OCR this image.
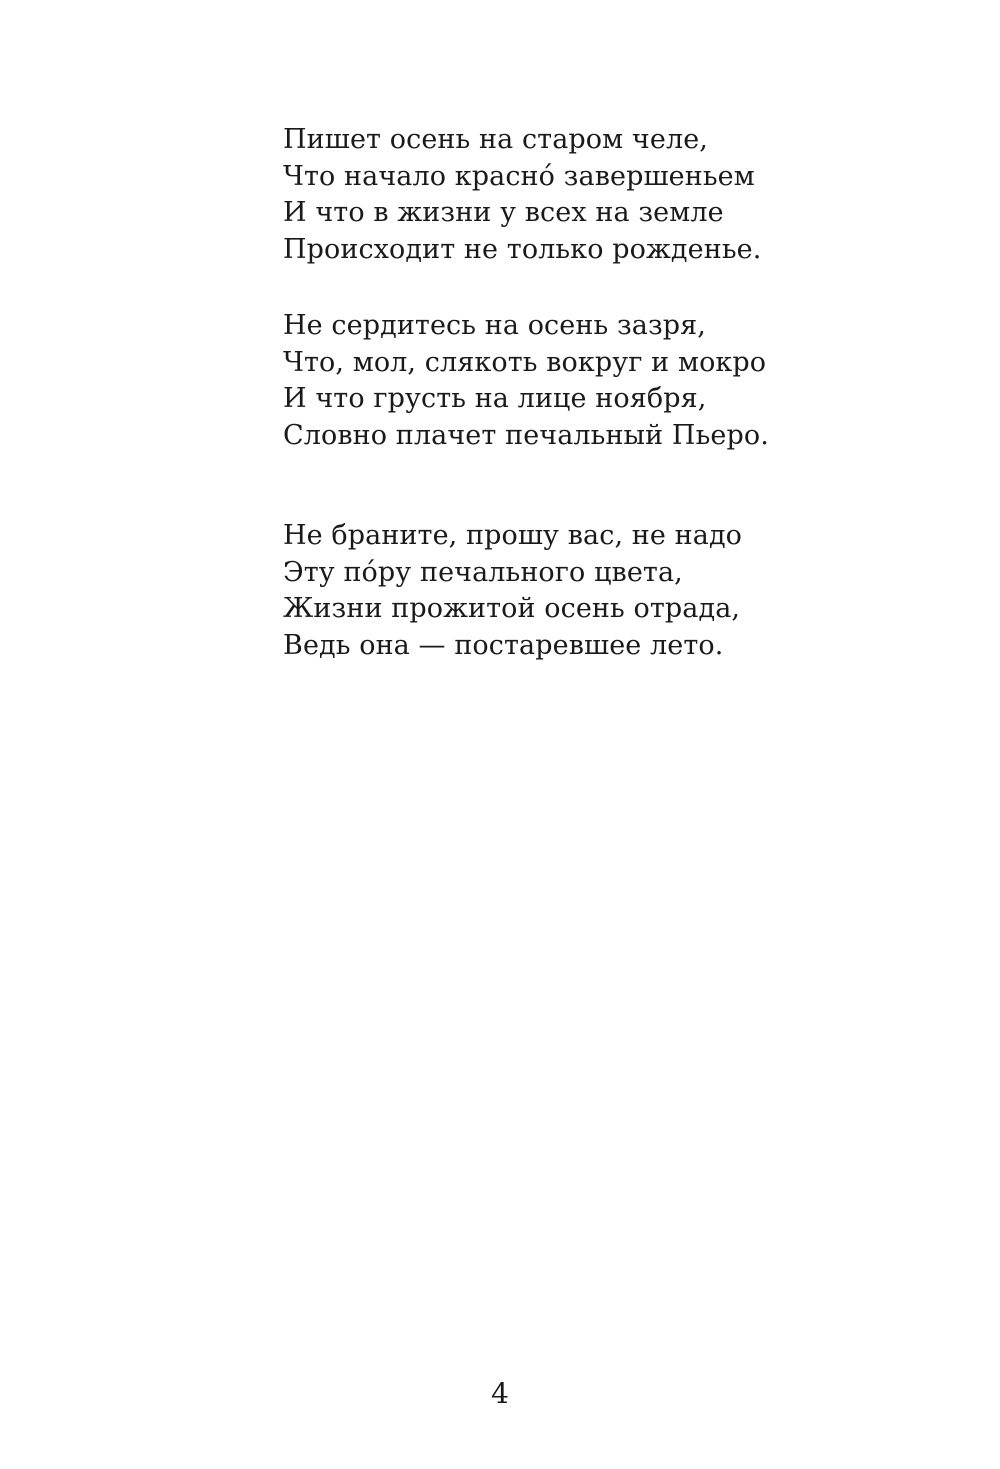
Пишет осень на старом челе,
Что начало краснó завершеньем
И что в жизни у всех на земле
Происходит не только рожденье.

Не сердитесь на осень зазря,
Что, мол, слякоть вокруг и мокро
И что грусть на лице ноября,
Словно плачет печальный Пьеро.

Не браните, прошу вас, не надо
Эту пóру печального цвета,
Жизни прожитой осень отрада,
Ведь она — постаревшее лето.

4
